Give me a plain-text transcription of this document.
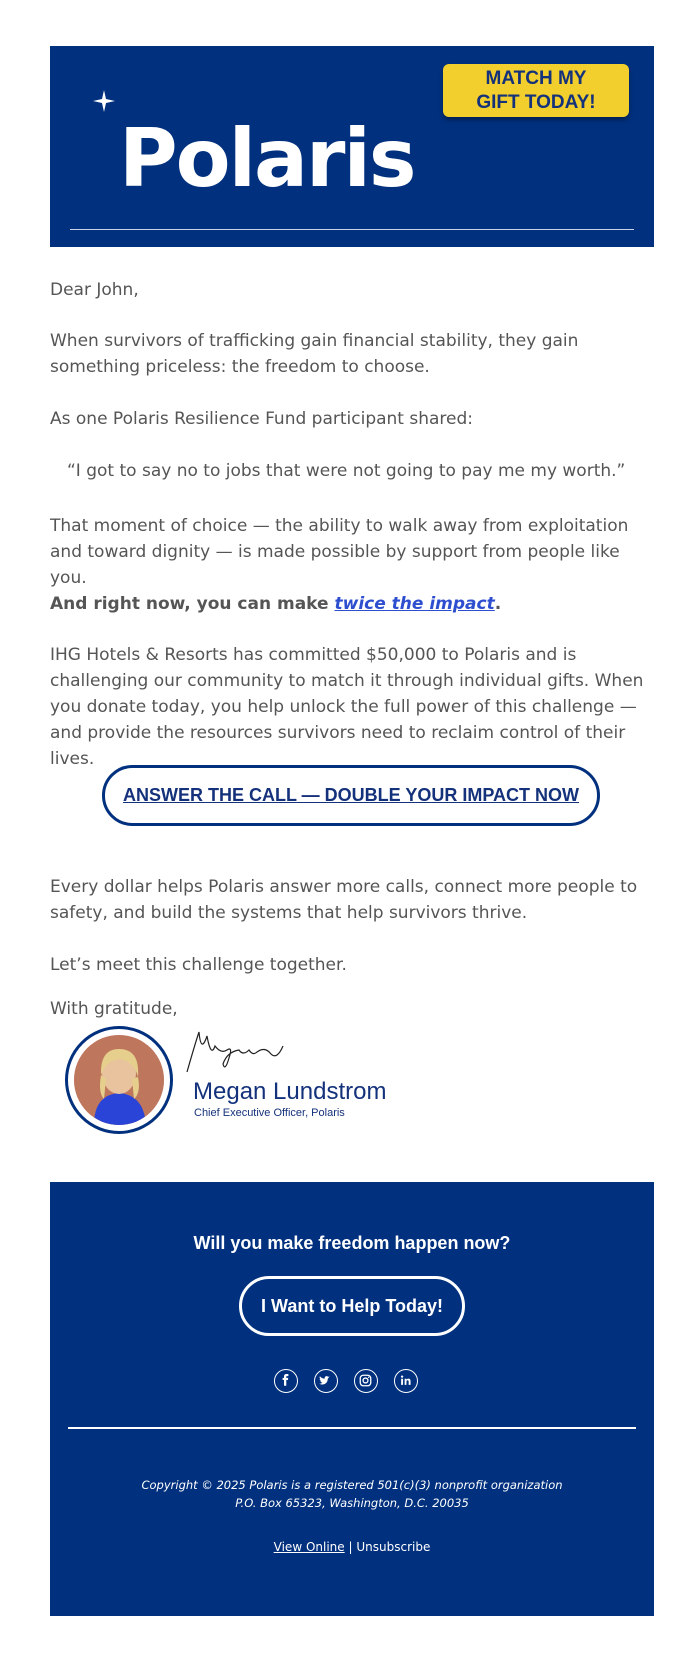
Polaris
MATCH MY
GIFT TODAY!

Dear John,

When survivors of trafficking gain financial stability, they gain something priceless: the freedom to choose.

As one Polaris Resilience Fund participant shared:

“I got to say no to jobs that were not going to pay me my worth.”

That moment of choice — the ability to walk away from exploitation and toward dignity — is made possible by support from people like you.

And right now, you can make twice the impact.

IHG Hotels & Resorts has committed $50,000 to Polaris and is challenging our community to match it through individual gifts. When you donate today, you help unlock the full power of this challenge — and provide the resources survivors need to reclaim control of their lives.

ANSWER THE CALL — DOUBLE YOUR IMPACT NOW

Every dollar helps Polaris answer more calls, connect more people to safety, and build the systems that help survivors thrive.

Let’s meet this challenge together.

With gratitude,

Megan Lundstrom
Chief Executive Officer, Polaris
Will you make freedom happen now?
I Want to Help Today!
Copyright © 2025 Polaris is a registered 501(c)(3) nonprofit organization
P.O. Box 65323, Washington, D.C. 20035
View Online | Unsubscribe
